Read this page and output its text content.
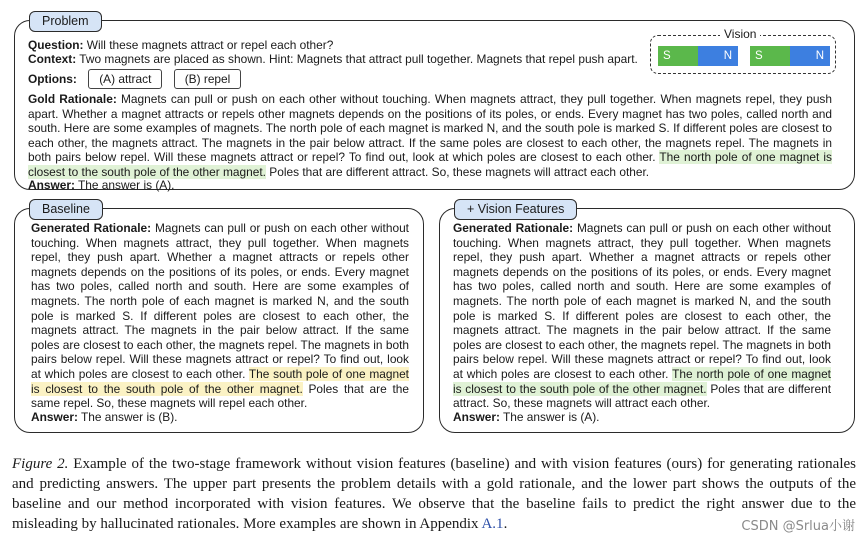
Problem
Question: Will these magnets attract or repel each other?
Context: Two magnets are placed as shown. Hint: Magnets that attract pull together. Magnets that repel push apart.
Options: (A) attract	(B) repel
Vision
S	N	S	N
Gold Rationale: Magnets can pull or push on each other without touching. When magnets attract, they pull together. When magnets repel, they push apart. Whether a magnet attracts or repels other magnets depends on the positions of its poles, or ends. Every magnet has two poles, called north and south. Here are some examples of magnets. The north pole of each magnet is marked N, and the south pole is marked S. If different poles are closest to each other, the magnets attract. The magnets in the pair below attract. If the same poles are closest to each other, the magnets repel. The magnets in both pairs below repel. Will these magnets attract or repel? To find out, look at which poles are closest to each other. The north pole of one magnet is closest to the south pole of the other magnet. Poles that are different attract. So, these magnets will attract each other.
Answer: The answer is (A).
Baseline
Generated Rationale: Magnets can pull or push on each other without touching. When magnets attract, they pull together. When magnets repel, they push apart. Whether a magnet attracts or repels other magnets depends on the positions of its poles, or ends. Every magnet has two poles, called north and south. Here are some examples of magnets. The north pole of each magnet is marked N, and the south pole is marked S. If different poles are closest to each other, the magnets attract. The magnets in the pair below attract. If the same poles are closest to each other, the magnets repel. The magnets in both pairs below repel. Will these magnets attract or repel? To find out, look at which poles are closest to each other. The south pole of one magnet is closest to the south pole of the other magnet. Poles that are the same repel. So, these magnets will repel each other.
Answer: The answer is (B).
+ Vision Features
Generated Rationale: Magnets can pull or push on each other without touching. When magnets attract, they pull together. When magnets repel, they push apart. Whether a magnet attracts or repels other magnets depends on the positions of its poles, or ends. Every magnet has two poles, called north and south. Here are some examples of magnets. The north pole of each magnet is marked N, and the south pole is marked S. If different poles are closest to each other, the magnets attract. The magnets in the pair below attract. If the same poles are closest to each other, the magnets repel. The magnets in both pairs below repel. Will these magnets attract or repel? To find out, look at which poles are closest to each other. The north pole of one magnet is closest to the south pole of the other magnet. Poles that are different attract. So, these magnets will attract each other.
Answer: The answer is (A).
Figure 2. Example of the two-stage framework without vision features (baseline) and with vision features (ours) for generating rationales and predicting answers. The upper part presents the problem details with a gold rationale, and the lower part shows the outputs of the baseline and our method incorporated with vision features. We observe that the baseline fails to predict the right answer due to the misleading by hallucinated rationales. More examples are shown in Appendix A.1.	CSDN @Srlua小谢
